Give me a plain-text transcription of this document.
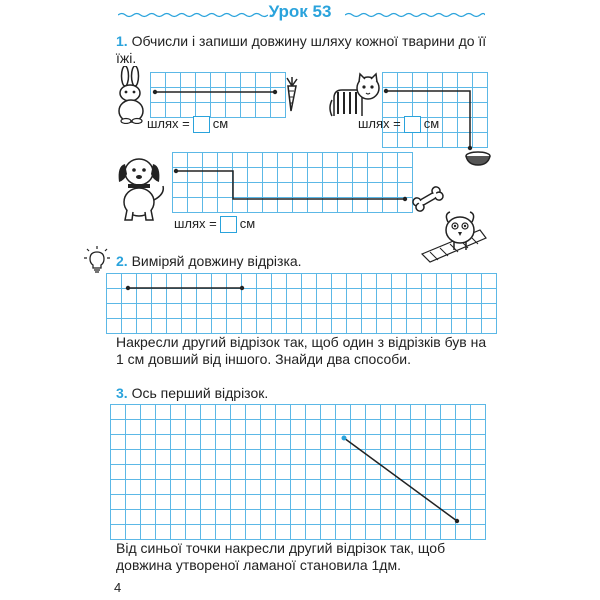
Урок 53
1. Обчисли і запиши довжину шляху кожної тварини до її їжі.
шлях = см	шлях = см
шлях = см
2. Виміряй довжину відрізка.
Накресли другий відрізок так, щоб один з відрізків був на 1 см довший від іншого. Знайди два способи.
3. Ось перший відрізок.
Від синьої точки накресли другий відрізок так, щоб довжина утвореної ламаної становила 1дм.
4
